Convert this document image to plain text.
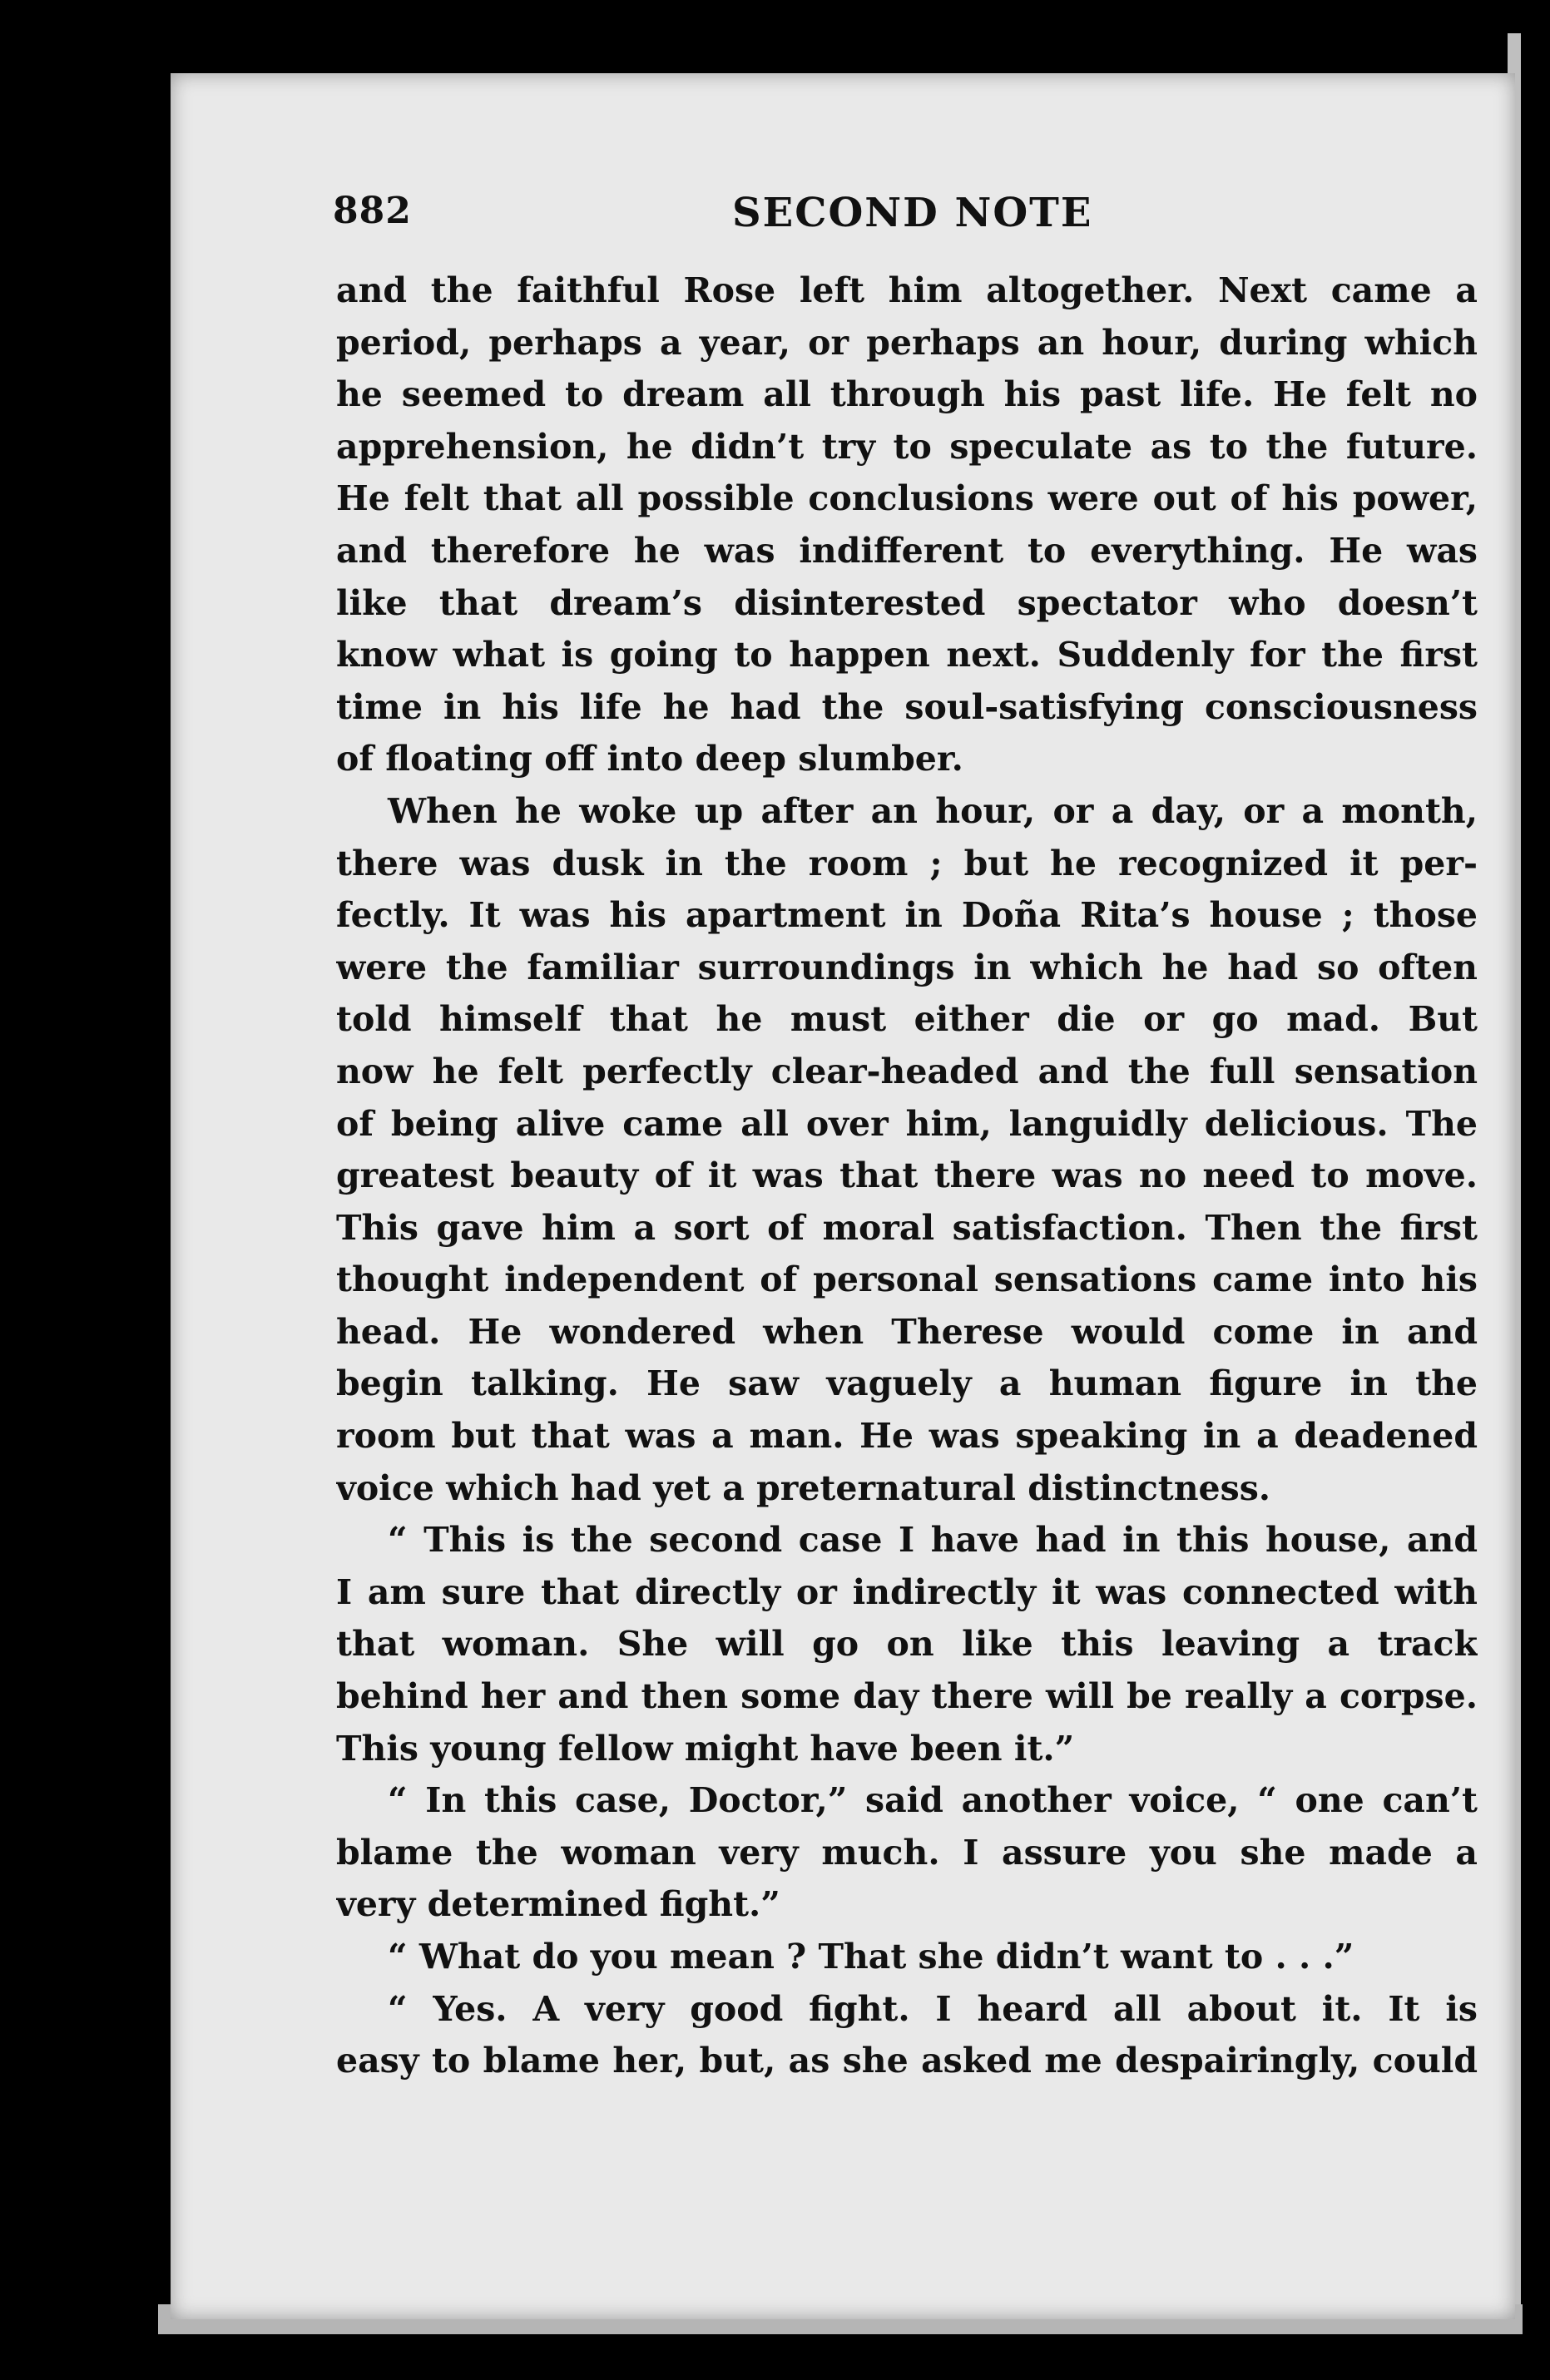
882	SECOND NOTE
and the faithful Rose left him altogether. Next came a
period, perhaps a year, or perhaps an hour, during which
he seemed to dream all through his past life. He felt no
apprehension, he didn’t try to speculate as to the future.
He felt that all possible conclusions were out of his power,
and therefore he was indifferent to everything. He was
like that dream’s disinterested spectator who doesn’t
know what is going to happen next. Suddenly for the first
time in his life he had the soul-satisfying consciousness
of floating off into deep slumber.
When he woke up after an hour, or a day, or a month,
there was dusk in the room ; but he recognized it per-
fectly. It was his apartment in Doña Rita’s house ; those
were the familiar surroundings in which he had so often
told himself that he must either die or go mad. But
now he felt perfectly clear-headed and the full sensation
of being alive came all over him, languidly delicious. The
greatest beauty of it was that there was no need to move.
This gave him a sort of moral satisfaction. Then the first
thought independent of personal sensations came into his
head. He wondered when Therese would come in and
begin talking. He saw vaguely a human figure in the
room but that was a man. He was speaking in a deadened
voice which had yet a preternatural distinctness.
“ This is the second case I have had in this house, and
I am sure that directly or indirectly it was connected with
that woman. She will go on like this leaving a track
behind her and then some day there will be really a corpse.
This young fellow might have been it.”
“ In this case, Doctor,” said another voice, “ one can’t
blame the woman very much. I assure you she made a
very determined fight.”
“ What do you mean ? That she didn’t want to . . .”
“ Yes. A very good fight. I heard all about it. It is
easy to blame her, but, as she asked me despairingly, could
